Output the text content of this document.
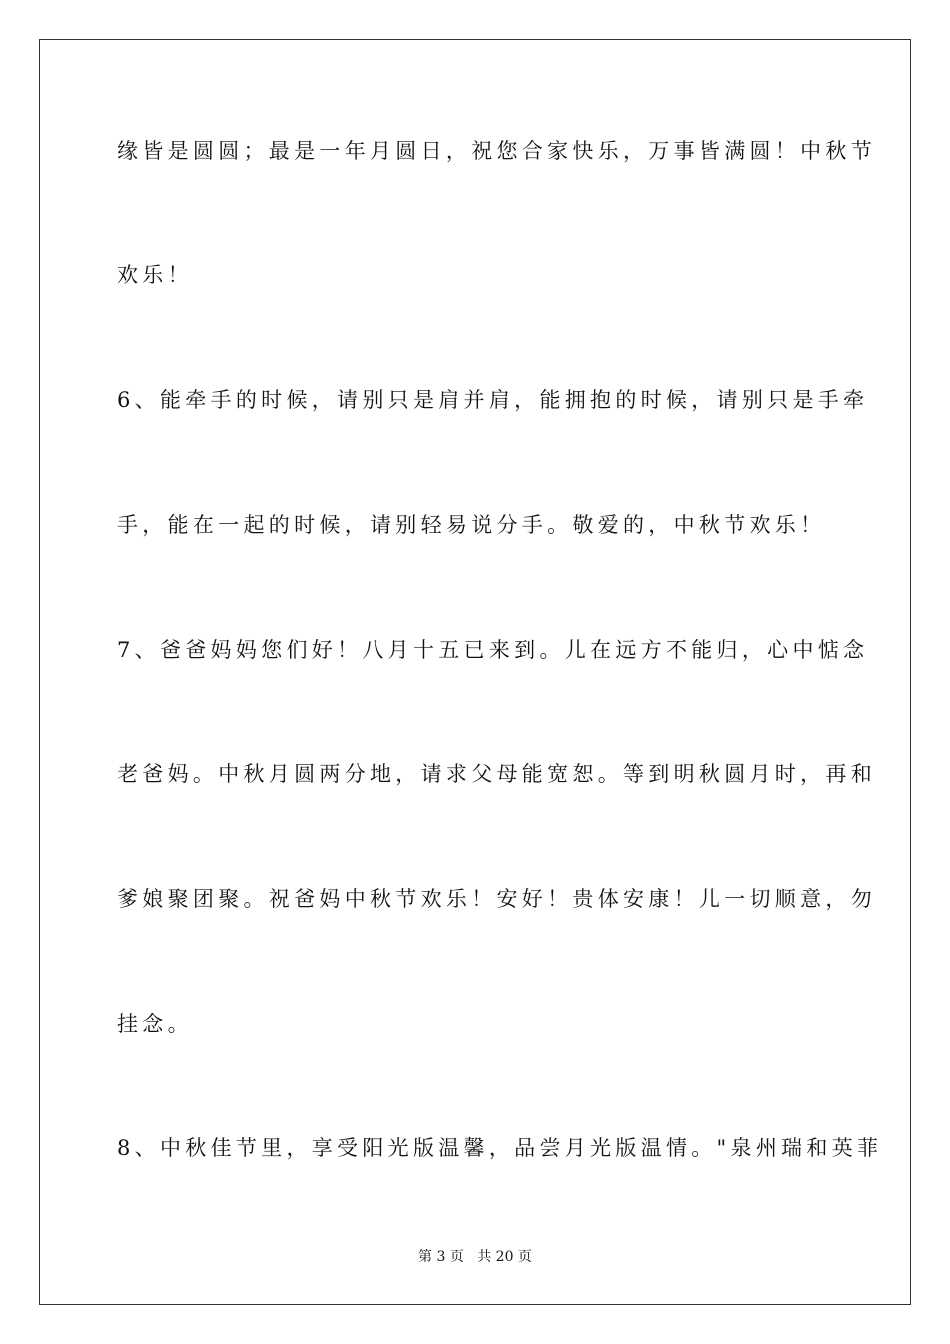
缘皆是圆圆；最是一年月圆日，祝您合家快乐，万事皆满圆！中秋节
欢乐！
6、能牵手的时候，请别只是肩并肩，能拥抱的时候，请别只是手牵
手，能在一起的时候，请别轻易说分手。敬爱的，中秋节欢乐！
7、爸爸妈妈您们好！八月十五已来到。儿在远方不能归，心中惦念
老爸妈。中秋月圆两分地，请求父母能宽恕。等到明秋圆月时，再和
爹娘聚团聚。祝爸妈中秋节欢乐！安好！贵体安康！儿一切顺意，勿
挂念。
8、中秋佳节里，享受阳光版温馨，品尝月光版温情。"泉州瑞和英菲
第 3 页 共 20 页
